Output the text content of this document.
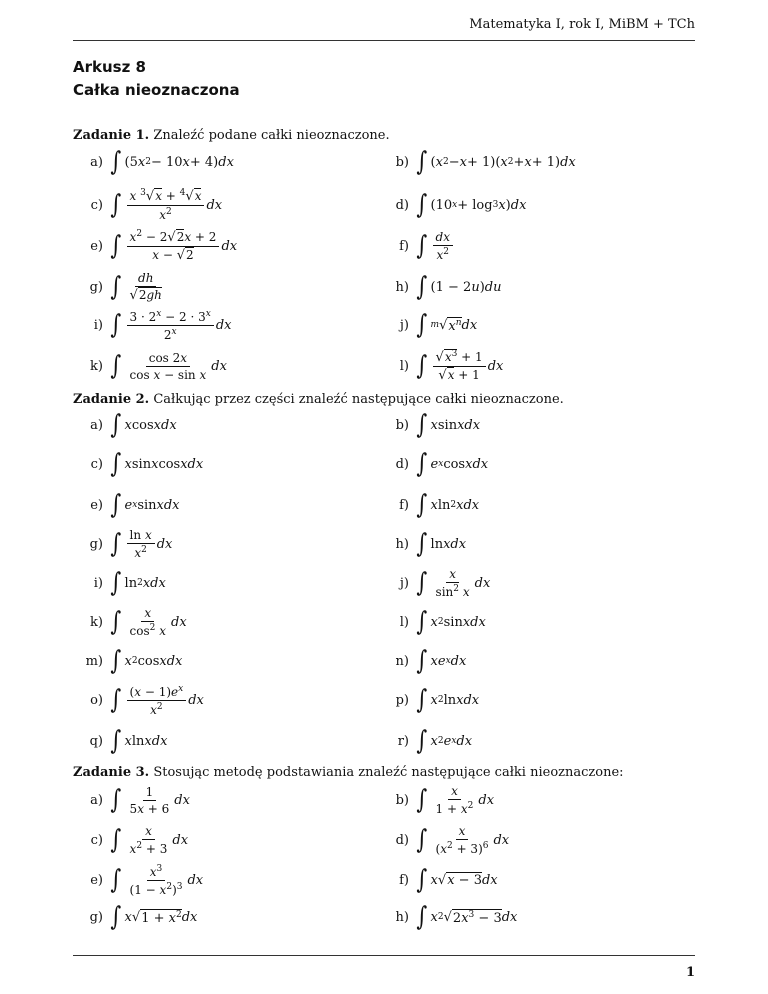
Matematyka I, rok I, MiBM + TCh
Arkusz 8
Całka nieoznaczona
Zadanie 1. Znaleźć podane całki nieoznaczone.
a) ∫ (5 x 2 − 10 x + 4) dx	b) ∫ ( x 2 − x + 1)( x 2 + x + 1) dx
c) ∫ $\frac{x ^3√x + ^4√x}{x^2}$ dx	d) ∫ (10 x + log 3 x ) dx
e) ∫ $\frac{x^2 - 2√2x + 2}{x - √2}$ dx	f) ∫ $\frac{dx}{x^2}$
g) ∫ $\frac{dh}{√2gh}$	h) ∫ (1 − 2 u ) du
i) ∫ $\frac{3 \cdot 2^x - 2 \cdot 3^x}{2^x}$ dx	j) ∫ m √ $x^n$ dx
k) ∫ $\frac{\cos 2x}{\text{cos x − sin x}}$ dx	l) ∫ $\frac{√x^3 + 1}{√x + 1}$ dx
Zadanie 2. Całkując przez części znaleźć następujące całki nieoznaczone.
a) ∫ x cos xdx	b) ∫ x sin xdx
c) ∫ x sin x cos xdx	d) ∫ e x cos xdx
e) ∫ e x sin xdx	f) ∫ x ln 2 xdx
g) ∫ $\frac{\text{ln x}}{x^2}$ dx	h) ∫ ln xdx
i) ∫ ln 2 xdx	j) ∫ $\frac{x}{\sin^2 x}$ dx
k) ∫ $\frac{x}{\cos^2 x}$ dx	l) ∫ x 2 sin xdx
m) ∫ x 2 cos xdx	n) ∫ xe x dx
o) ∫ $\frac{(x - 1)e^x}{x^2}$ dx	p) ∫ x 2 ln xdx
q) ∫ x ln xdx	r) ∫ x 2 e x dx
Zadanie 3. Stosując metodę podstawiania znaleźć następujące całki nieoznaczone:
a) ∫ $\frac{1}{5x + 6}$ dx	b) ∫ $\frac{x}{1 + x^2}$ dx
c) ∫ $\frac{x}{x^2 + 3}$ dx	d) ∫ $\frac{x}{(x^2 + 3)^6}$ dx
e) ∫ $\frac{x^3}{(1 - x^2)^3}$ dx	f) ∫ x √ x − 3 dx
g) ∫ x √ $1 + x^2$ dx	h) ∫ x 2 √ $2x^3 - 3$ dx
1
